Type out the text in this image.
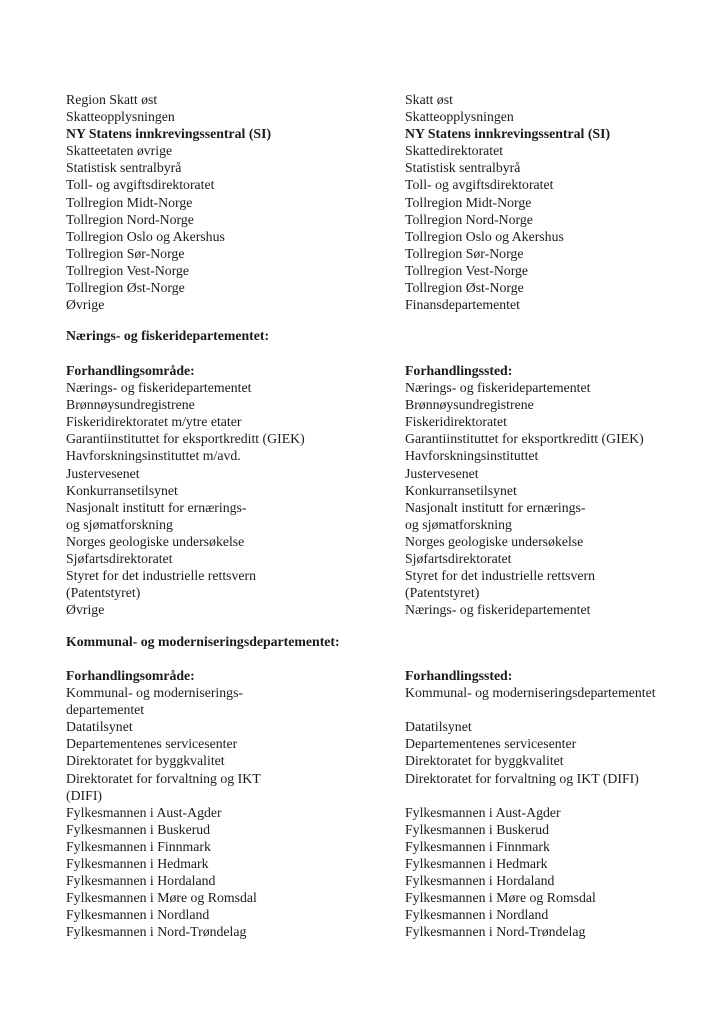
Region Skatt øst
Skatteopplysningen
NY Statens innkrevingssentral (SI)
Skatteetaten øvrige
Statistisk sentralbyrå
Toll- og avgiftsdirektoratet
Tollregion Midt-Norge
Tollregion Nord-Norge
Tollregion Oslo og Akershus
Tollregion Sør-Norge
Tollregion Vest-Norge
Tollregion Øst-Norge
Øvrige
Skatt øst
Skatteopplysningen
NY Statens innkrevingssentral (SI)
Skattedirektoratet
Statistisk sentralbyrå
Toll- og avgiftsdirektoratet
Tollregion Midt-Norge
Tollregion Nord-Norge
Tollregion Oslo og Akershus
Tollregion Sør-Norge
Tollregion Vest-Norge
Tollregion Øst-Norge
Finansdepartementet
Nærings- og fiskeridepartementet:
Forhandlingsområde:
Nærings- og fiskeridepartementet
Brønnøysundregistrene
Fiskeridirektoratet m/ytre etater
Garantiinstituttet for eksportkreditt (GIEK)
Havforskningsinstituttet m/avd.
Justervesenet
Konkurransetilsynet
Nasjonalt institutt for ernærings-
og sjømatforskning
Norges geologiske undersøkelse
Sjøfartsdirektoratet
Styret for det industrielle rettsvern
(Patentstyret)
Øvrige
Forhandlingssted:
Nærings- og fiskeridepartementet
Brønnøysundregistrene
Fiskeridirektoratet
Garantiinstituttet for eksportkreditt (GIEK)
Havforskningsinstituttet
Justervesenet
Konkurransetilsynet
Nasjonalt institutt for ernærings-
og sjømatforskning
Norges geologiske undersøkelse
Sjøfartsdirektoratet
Styret for det industrielle rettsvern
(Patentstyret)
Nærings- og fiskeridepartementet
Kommunal- og moderniseringsdepartementet:
Forhandlingsområde:
Kommunal- og moderniserings-
departementet
Datatilsynet
Departementenes servicesenter
Direktoratet for byggkvalitet
Direktoratet for forvaltning og IKT
(DIFI)
Fylkesmannen i Aust-Agder
Fylkesmannen i Buskerud
Fylkesmannen i Finnmark
Fylkesmannen i Hedmark
Fylkesmannen i Hordaland
Fylkesmannen i Møre og Romsdal
Fylkesmannen i Nordland
Fylkesmannen i Nord-Trøndelag
Forhandlingssted:
Kommunal- og moderniseringsdepartementet

Datatilsynet
Departementenes servicesenter
Direktoratet for byggkvalitet
Direktoratet for forvaltning og IKT (DIFI)

Fylkesmannen i Aust-Agder
Fylkesmannen i Buskerud
Fylkesmannen i Finnmark
Fylkesmannen i Hedmark
Fylkesmannen i Hordaland
Fylkesmannen i Møre og Romsdal
Fylkesmannen i Nordland
Fylkesmannen i Nord-Trøndelag
